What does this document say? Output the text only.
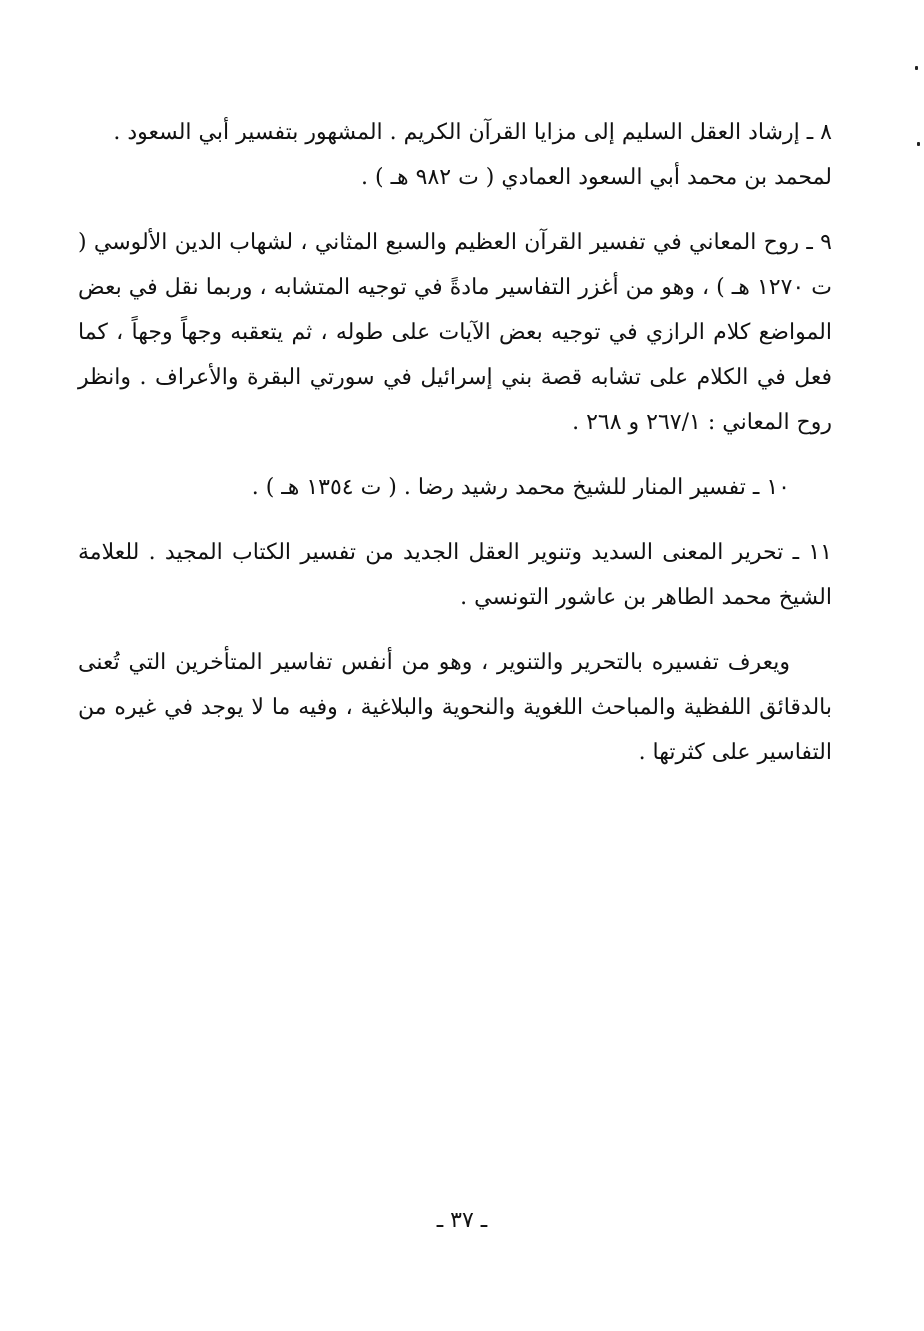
٨ ـ إرشاد العقل السليم إلى مزايا القرآن الكريم . المشهور بتفسير أبي السعود .
لمحمد بن محمد أبي السعود العمادي ( ت ٩٨٢ هـ ) .

٩ ـ روح المعاني في تفسير القرآن العظيم والسبع المثاني ، لشهاب الدين الألوسي ( ت ١٢٧٠ هـ ) ، وهو من أغزر التفاسير مادةً في توجيه المتشابه ، وربما نقل في بعض المواضع كلام الرازي في توجيه بعض الآيات على طوله ، ثم يتعقبه وجهاً وجهاً ، كما فعل في الكلام على تشابه قصة بني إسرائيل في سورتي البقرة والأعراف . وانظر روح المعاني : ٢٦٧/١ و ٢٦٨ .

١٠ ـ تفسير المنار للشيخ محمد رشيد رضا . ( ت ١٣٥٤ هـ ) .

١١ ـ تحرير المعنى السديد وتنوير العقل الجديد من تفسير الكتاب المجيد . للعلامة الشيخ محمد الطاهر بن عاشور التونسي .

ويعرف تفسيره بالتحرير والتنوير ، وهو من أنفس تفاسير المتأخرين التي تُعنى بالدقائق اللفظية والمباحث اللغوية والنحوية والبلاغية ، وفيه ما لا يوجد في غيره من التفاسير على كثرتها .

ـ ٣٧ ـ
